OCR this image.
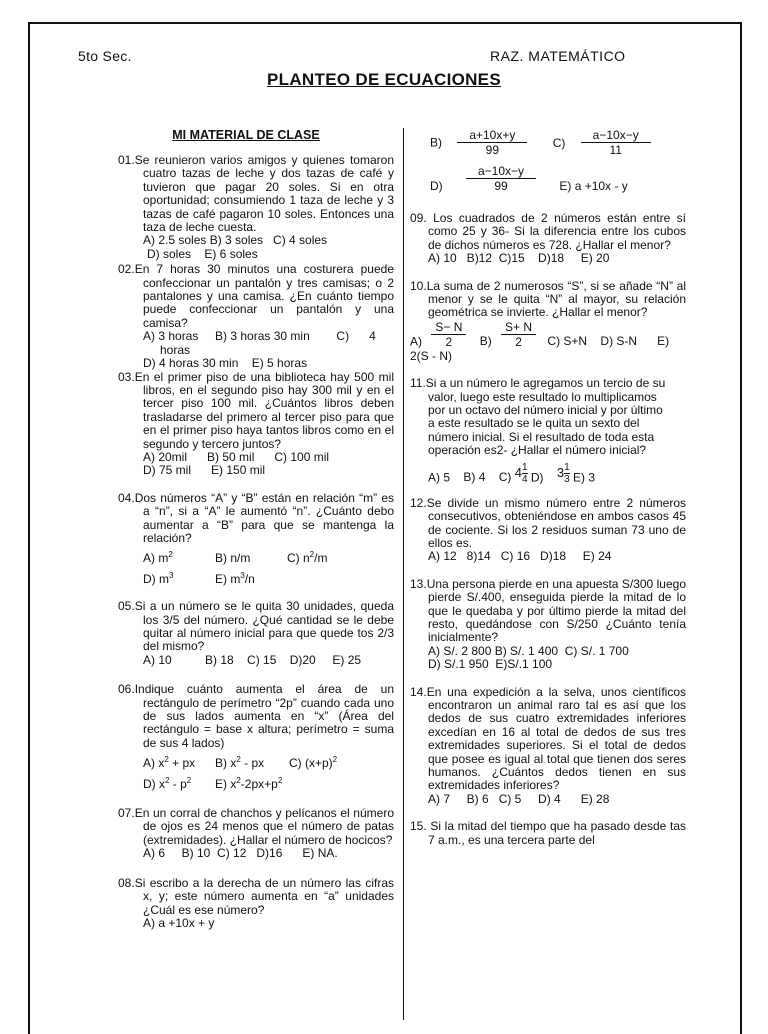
5to Sec.	RAZ. MATEMÁTICO
PLANTEO DE ECUACIONES
MI MATERIAL DE CLASE
01.Se reunieron varios amigos y quienes tomaron cuatro tazas de leche y dos tazas de café y tuvieron que pagar 20 soles. Si en otra oportunidad; consumiendo 1 taza de leche y 3 tazas de café pagaron 10 soles. Entonces una taza de leche cuesta.
A) 2.5 soles B) 3 soles   C) 4 soles
D) soles    E) 6 soles
02.En 7 horas 30 minutos una costurera puede confeccionar un pantalón y tres camisas; o 2 pantalones y una camisa. ¿En cuánto tiempo puede confeccionar un pantalón y una camisa?
A) 3 horas     B) 3 horas 30 min        C)      4
horas
D) 4 horas 30 min    E) 5 horas
03.En el primer piso de una biblioteca hay 500 mil libros, en el segundo piso hay 300 mil y en el tercer piso 100 mil. ¿Cuántos libros deben trasladarse del primero al tercer piso para que en el primer piso haya tantos libros como en el segundo y tercero juntos?
A) 20mil      B) 50 mil      C) 100 mil
D) 75 mil      E) 150 mil
04.Dos números “A” y “B” están en relación “m” es a “n”, si a “A” le aumentó “n”. ¿Cuánto debo aumentar a “B” para que se mantenga la relación?
A) $m^2$	B) n/m	C) $n^2/m$
D) $m^3$	E) $m^3/n$
05.Si a un número se le quita 30 unidades, queda los 3/5 del número. ¿Qué cantidad se le debe quitar al número inicial para que quede tos 2/3 del mismo?
A) 10          B) 18    C) 15    D)20     E) 25
06.Indique cuánto aumenta el área de un rectángulo de perímetro “2p” cuando cada uno de sus lados aumenta en “x” (Área del rectángulo = base x altura; perímetro = suma de sus 4 lados)
A) $x^2$ + px B) $x^2$ - px C) $(x+p)^2$
D) $x^2 - p^2$ E) $x^2-2px+p^2$
07.En un corral de chanchos y pelícanos el número de ojos es 24 menos que el número de patas (extremidades). ¿Hallar el número de hocicos?
A) 6     B) 10  C) 12   D)16      E) NA.
08.Si escribo a la derecha de un número las cifras x, y; este número aumenta en “a” unidades ¿Cuál es ese número?
A) a +10x + y
$B) \frac{a+10x+y}{99} C) \frac{a-10x-y}{11}$
$D) \frac{a-10x-y}{99} E$) a +10x - y
09. Los cuadrados de 2 números están entre sí como 25 y 36- Si la diferencia entre los cubos de dichos números es 728. ¿Hallar el menor?
A) 10   B)12  C)15    D)18     E) 20
10.La suma de 2 numerosos “S”, si se añade “N” al menor y se le quita “N” al mayor, su relación geométrica se invierte. ¿Hallar el menor?
$A) \frac{S- N}{2} B) \frac{S+ N}{2} C$) S+N    D) S-N      E)
2(S - N)
11.Si a un número le agregamos un tercio de su valor, luego este resultado lo multiplicamos por un octavo del número inicial y por último a este resultado se le quita un sexto del número inicial. Si el resultado de toda esta operación es2- ¿Hallar el número inicial?
A) 5 B) 4 C) $4 \frac{1}{4} D$) $3 \frac{1}{3} E$) 3
12.Se divide un mismo número entre 2 números consecutivos, obteniéndose en ambos casos 45 de cociente. Si los 2 residuos suman 73 uno de ellos es.
A) 12   8)14   C) 16   D)18     E) 24
13.Una persona pierde en una apuesta S/300 luego pierde S/.400, enseguida pierde la mitad de lo que le quedaba y por último pierde la mitad del resto, quedándose con S/250 ¿Cuánto tenía inicialmente?
A) S/. 2 800 B) S/. 1 400  C) S/. 1 700
D) S/.1 950  E)S/.1 100
14.En una expedición a la selva, unos científicos encontraron un animal raro tal es así que los dedos de sus cuatro extremidades inferiores excedían en 16 al total de dedos de sus tres extremidades superiores. Si el total de dedos que posee es igual al total que tienen dos seres humanos. ¿Cuántos dedos tienen en sus extremidades inferiores?
A) 7     B) 6   C) 5     D) 4      E) 28
15. Si la mitad del tiempo que ha pasado desde tas 7 a.m., es una tercera parte del
